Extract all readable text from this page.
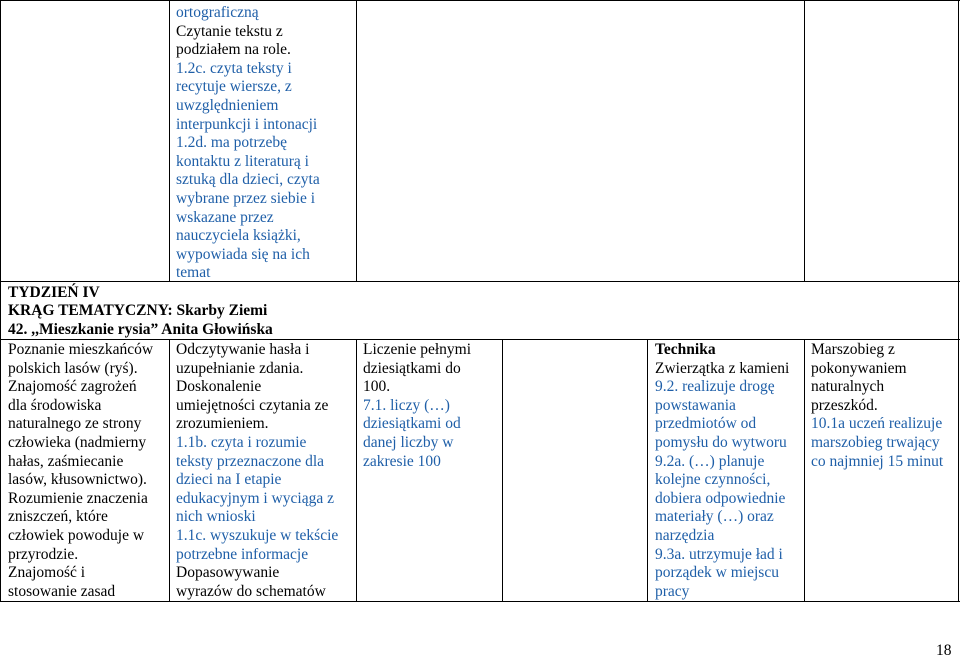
ortograficzną
Czytanie tekstu z
podziałem na role.
1.2c. czyta teksty i
recytuje wiersze, z
uwzględnieniem
interpunkcji i intonacji
1.2d. ma potrzebę
kontaktu z literaturą i
sztuką dla dzieci, czyta
wybrane przez siebie i
wskazane przez
nauczyciela książki,
wypowiada się na ich
temat
TYDZIEŃ IV
KRĄG TEMATYCZNY: Skarby Ziemi
42. ,,Mieszkanie rysia” Anita Głowińska
Poznanie mieszkańców
polskich lasów (ryś).
Znajomość zagrożeń
dla środowiska
naturalnego ze strony
człowieka (nadmierny
hałas, zaśmiecanie
lasów, kłusownictwo).
Rozumienie znaczenia
zniszczeń, które
człowiek powoduje w
przyrodzie.
Znajomość i
stosowanie zasad
Odczytywanie hasła i
uzupełnianie zdania.
Doskonalenie
umiejętności czytania ze
zrozumieniem.
1.1b. czyta i rozumie
teksty przeznaczone dla
dzieci na I etapie
edukacyjnym i wyciąga z
nich wnioski
1.1c. wyszukuje w tekście
potrzebne informacje
Dopasowywanie
wyrazów do schematów
Liczenie pełnymi
dziesiątkami do
100.
7.1. liczy (…)
dziesiątkami od
danej liczby w
zakresie 100
Technika
Zwierzątka z kamieni
9.2. realizuje drogę
powstawania
przedmiotów od
pomysłu do wytworu
9.2a. (…) planuje
kolejne czynności,
dobiera odpowiednie
materiały (…) oraz
narzędzia
9.3a. utrzymuje ład i
porządek w miejscu
pracy
Marszobieg z
pokonywaniem
naturalnych
przeszkód.
10.1a uczeń realizuje
marszobieg trwający
co najmniej 15 minut
18
